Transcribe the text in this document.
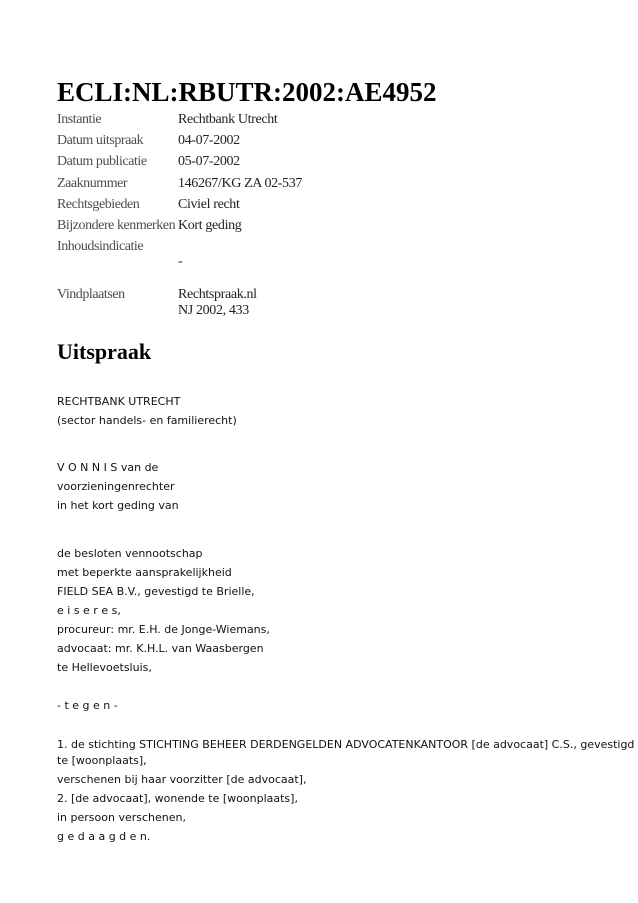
ECLI:NL:RBUTR:2002:AE4952
Instantie	Rechtbank Utrecht
Datum uitspraak 04-07-2002
Datum publicatie 05-07-2002
Zaaknummer	146267/KG ZA 02-537
Rechtsgebieden	Civiel recht
Bijzondere kenmerken Kort geding
Inhoudsindicatie
-
Vindplaatsen	Rechtspraak.nl
NJ 2002, 433
Uitspraak

RECHTBANK UTRECHT

(sector handels- en familierecht)

V O N N I S van de

voorzieningenrechter

in het kort geding van

de besloten vennootschap

met beperkte aansprakelijkheid

FIELD SEA B.V., gevestigd te Brielle,

e i s e r e s,

procureur: mr. E.H. de Jonge-Wiemans,

advocaat: mr. K.H.L. van Waasbergen

te Hellevoetsluis,

- t e g e n -

1. de stichting STICHTING BEHEER DERDENGELDEN ADVOCATENKANTOOR [de advocaat] C.S., gevestigd

te [woonplaats],

verschenen bij haar voorzitter [de advocaat],

2. [de advocaat], wonende te [woonplaats],

in persoon verschenen,

g e d a a g d e n.
